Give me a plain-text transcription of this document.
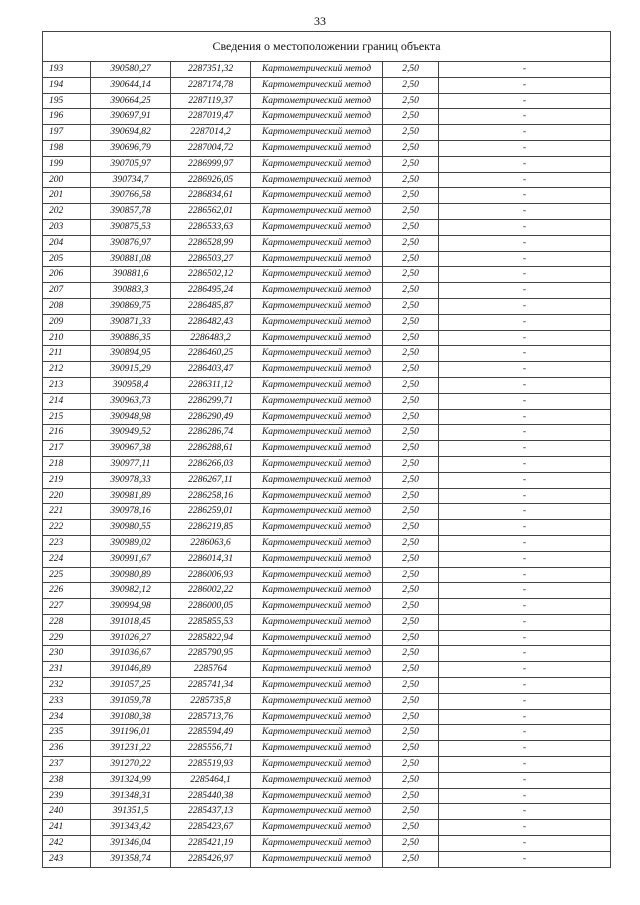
33
Сведения о местоположении границ объекта					
193	390580,27	2287351,32	Картометрический метод	2,50	-
194	390644,14	2287174,78	Картометрический метод	2,50	-
195	390664,25	2287119,37	Картометрический метод	2,50	-
196	390697,91	2287019,47	Картометрический метод	2,50	-
197	390694,82	2287014,2	Картометрический метод	2,50	-
198	390696,79	2287004,72	Картометрический метод	2,50	-
199	390705,97	2286999,97	Картометрический метод	2,50	-
200	390734,7	2286926,05	Картометрический метод	2,50	-
201	390766,58	2286834,61	Картометрический метод	2,50	-
202	390857,78	2286562,01	Картометрический метод	2,50	-
203	390875,53	2286533,63	Картометрический метод	2,50	-
204	390876,97	2286528,99	Картометрический метод	2,50	-
205	390881,08	2286503,27	Картометрический метод	2,50	-
206	390881,6	2286502,12	Картометрический метод	2,50	-
207	390883,3	2286495,24	Картометрический метод	2,50	-
208	390869,75	2286485,87	Картометрический метод	2,50	-
209	390871,33	2286482,43	Картометрический метод	2,50	-
210	390886,35	2286483,2	Картометрический метод	2,50	-
211	390894,95	2286460,25	Картометрический метод	2,50	-
212	390915,29	2286403,47	Картометрический метод	2,50	-
213	390958,4	2286311,12	Картометрический метод	2,50	-
214	390963,73	2286299,71	Картометрический метод	2,50	-
215	390948,98	2286290,49	Картометрический метод	2,50	-
216	390949,52	2286286,74	Картометрический метод	2,50	-
217	390967,38	2286288,61	Картометрический метод	2,50	-
218	390977,11	2286266,03	Картометрический метод	2,50	-
219	390978,33	2286267,11	Картометрический метод	2,50	-
220	390981,89	2286258,16	Картометрический метод	2,50	-
221	390978,16	2286259,01	Картометрический метод	2,50	-
222	390980,55	2286219,85	Картометрический метод	2,50	-
223	390989,02	2286063,6	Картометрический метод	2,50	-
224	390991,67	2286014,31	Картометрический метод	2,50	-
225	390980,89	2286006,93	Картометрический метод	2,50	-
226	390982,12	2286002,22	Картометрический метод	2,50	-
227	390994,98	2286000,05	Картометрический метод	2,50	-
228	391018,45	2285855,53	Картометрический метод	2,50	-
229	391026,27	2285822,94	Картометрический метод	2,50	-
230	391036,67	2285790,95	Картометрический метод	2,50	-
231	391046,89	2285764	Картометрический метод	2,50	-
232	391057,25	2285741,34	Картометрический метод	2,50	-
233	391059,78	2285735,8	Картометрический метод	2,50	-
234	391080,38	2285713,76	Картометрический метод	2,50	-
235	391196,01	2285594,49	Картометрический метод	2,50	-
236	391231,22	2285556,71	Картометрический метод	2,50	-
237	391270,22	2285519,93	Картометрический метод	2,50	-
238	391324,99	2285464,1	Картометрический метод	2,50	-
239	391348,31	2285440,38	Картометрический метод	2,50	-
240	391351,5	2285437,13	Картометрический метод	2,50	-
241	391343,42	2285423,67	Картометрический метод	2,50	-
242	391346,04	2285421,19	Картометрический метод	2,50	-
243	391358,74	2285426,97	Картометрический метод	2,50	-
